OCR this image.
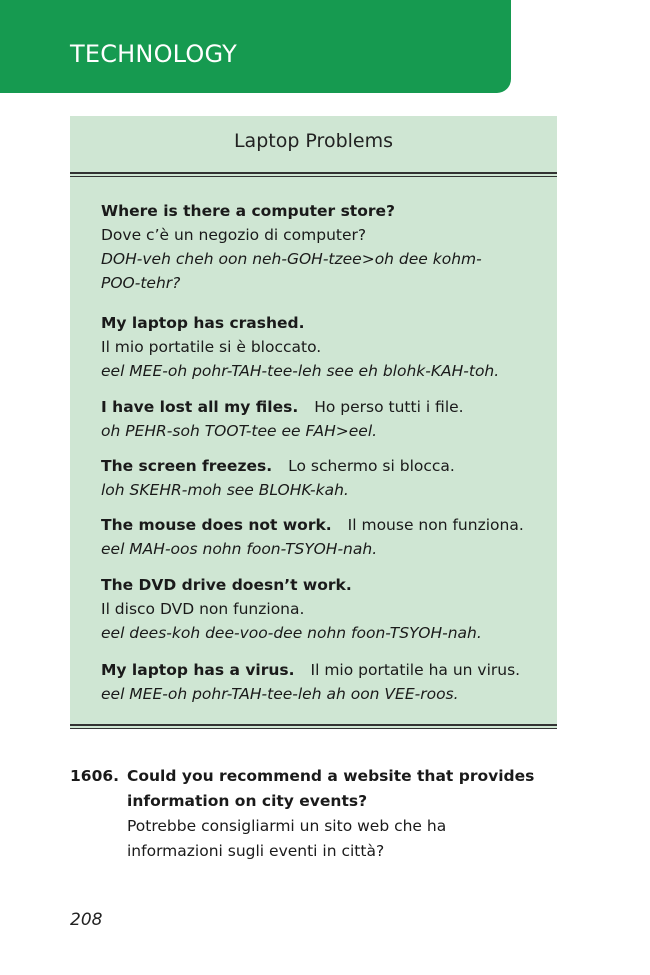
TECHNOLOGY
Laptop Problems
Where is there a computer store?
Dove c’è un negozio di computer?
DOH-veh cheh oon neh-GOH-tzee>oh dee kohm-
POO-tehr?
My laptop has crashed.
Il mio portatile si è bloccato.
eel MEE-oh pohr-TAH-tee-leh see eh blohk-KAH-toh.
I have lost all my files. Ho perso tutti i file.
oh PEHR-soh TOOT-tee ee FAH>eel.
The screen freezes. Lo schermo si blocca.
loh SKEHR-moh see BLOHK-kah.
The mouse does not work. Il mouse non funziona.
eel MAH-oos nohn foon-TSYOH-nah.
The DVD drive doesn’t work.
Il disco DVD non funziona.
eel dees-koh dee-voo-dee nohn foon-TSYOH-nah.
My laptop has a virus. Il mio portatile ha un virus.
eel MEE-oh pohr-TAH-tee-leh ah oon VEE-roos.
1606. Could you recommend a website that provides
information on city events?
Potrebbe consigliarmi un sito web che ha
informazioni sugli eventi in città?
208
